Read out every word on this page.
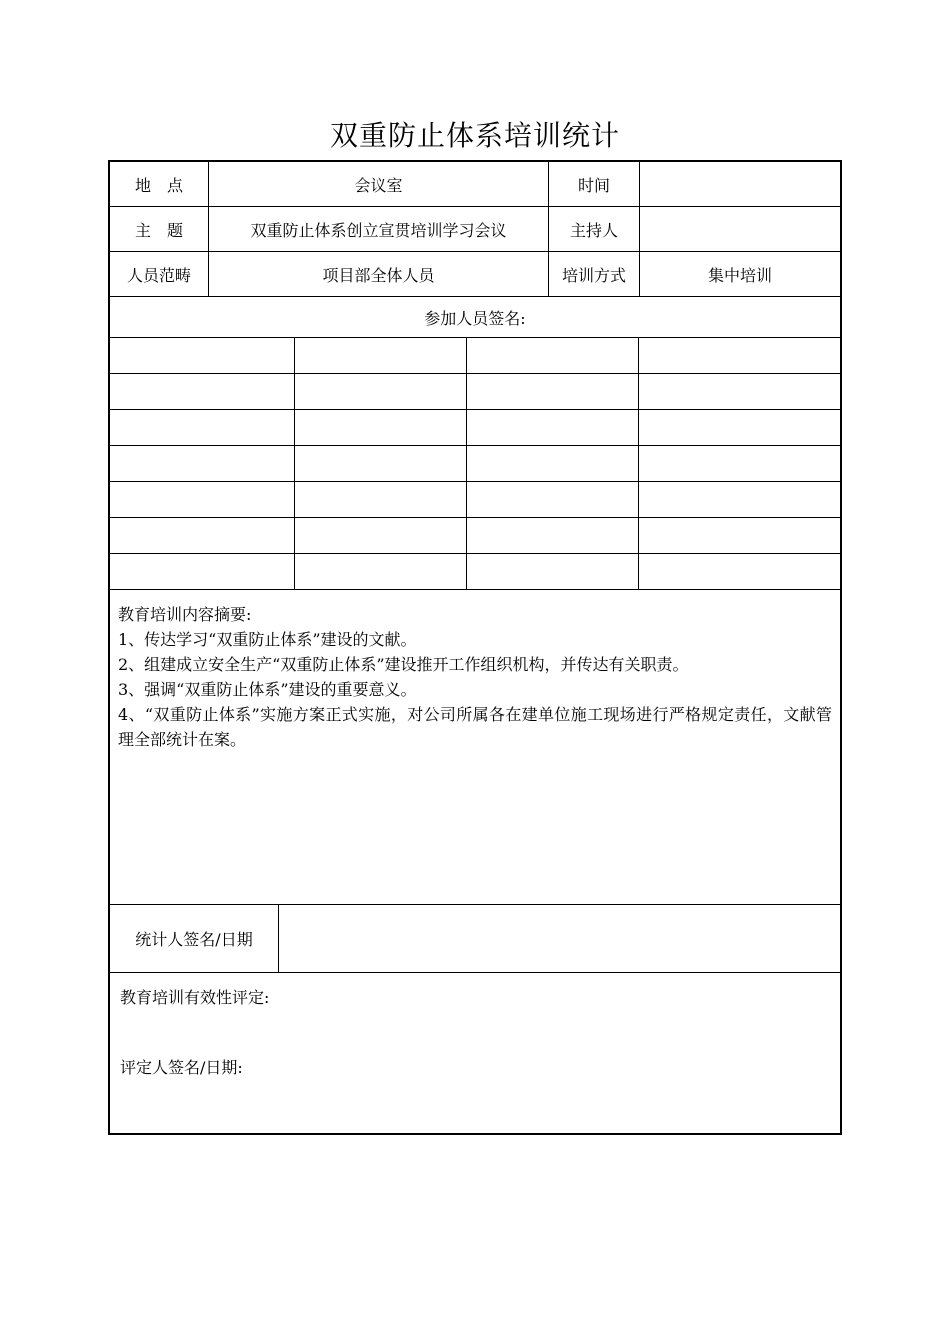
双重防止体系培训统计
地　点	会议室	时间
主　题	双重防止体系创立宣贯培训学习会议	主持人
人员范畴	项目部全体人员	培训方式	集中培训
参加人员签名:

教育培训内容摘要:

1、传达学习“双重防止体系”建设的文献。

2、组建成立安全生产“双重防止体系”建设推开工作组织机构，并传达有关职责。

3、强调“双重防止体系”建设的重要意义。

4、“双重防止体系”实施方案正式实施，对公司所属各在建单位施工现场进行严格规定责任，文献管理全部统计在案。

统计人签名/日期
教育培训有效性评定:
评定人签名/日期:
